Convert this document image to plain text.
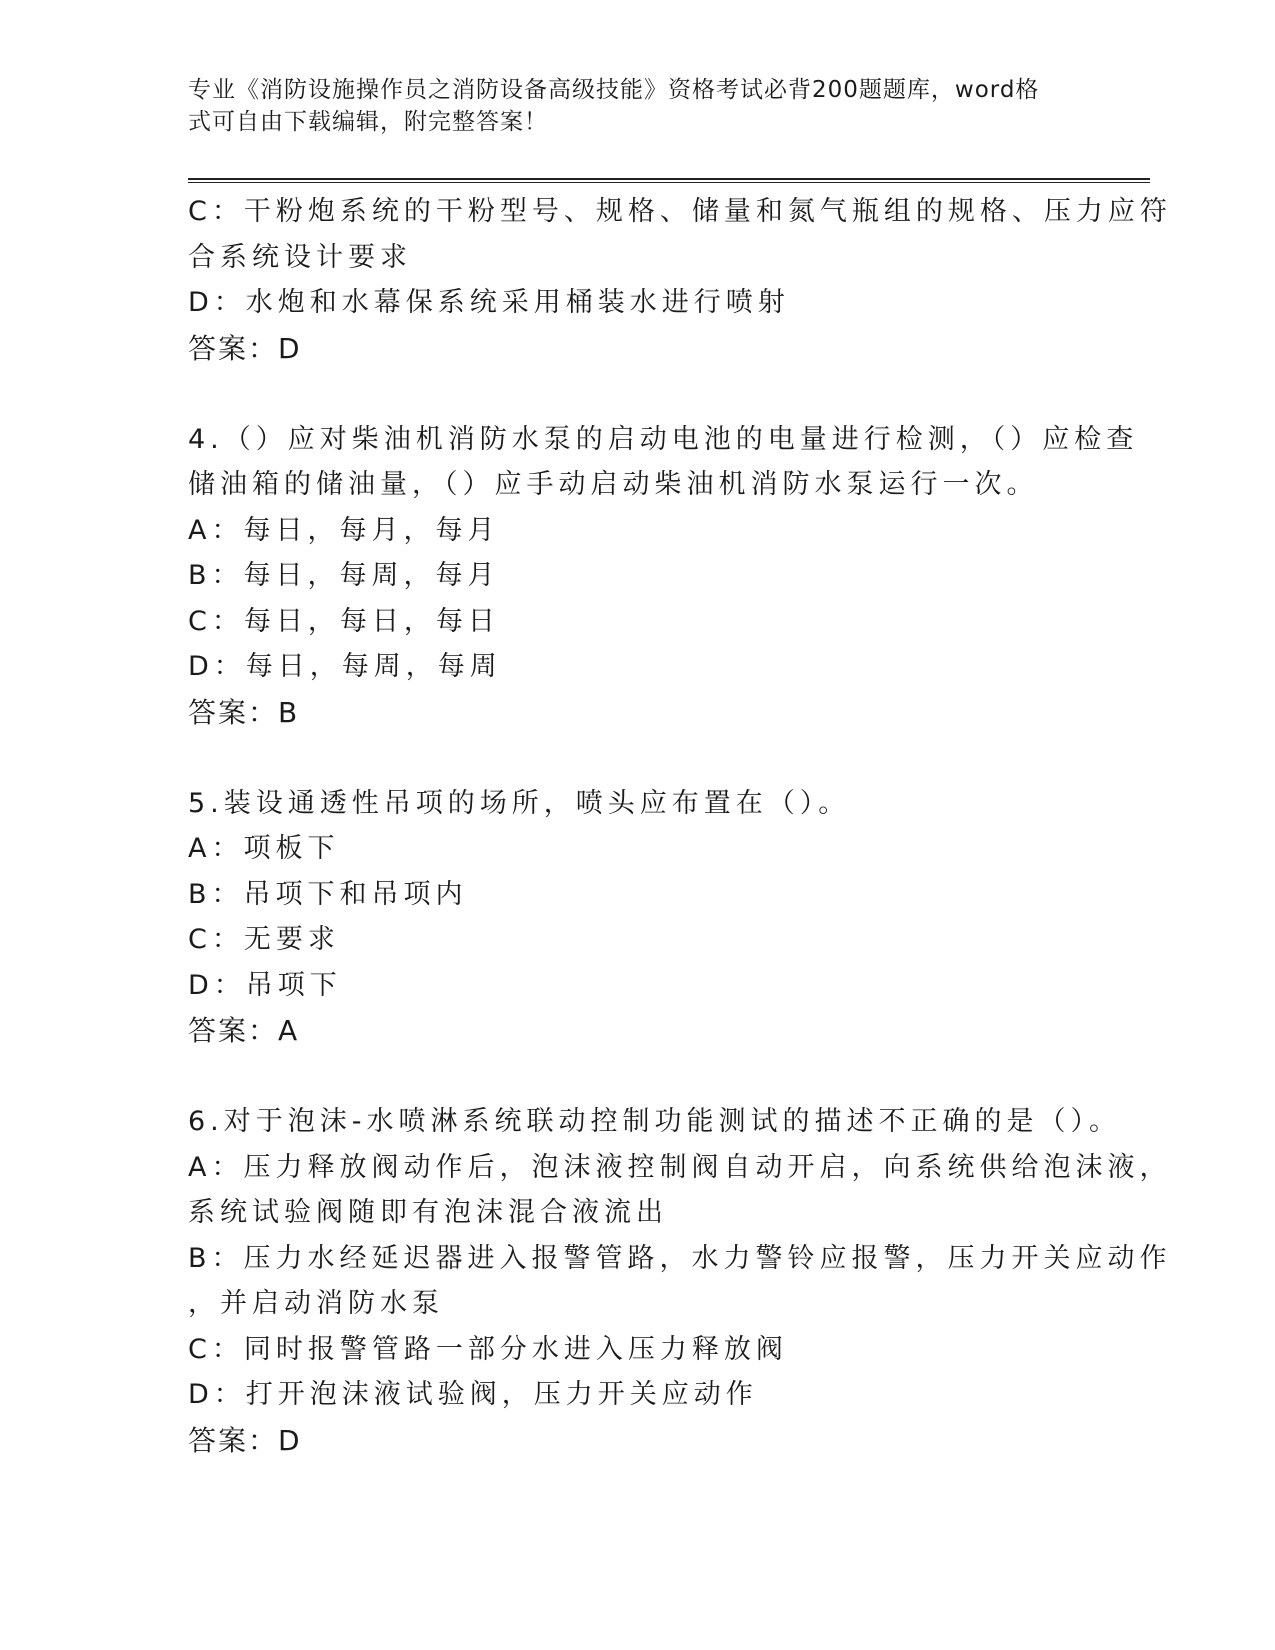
专业《消防设施操作员之消防设备高级技能》资格考试必背200题题库，word格
式可自由下载编辑，附完整答案！
C：干粉炮系统的干粉型号、规格、储量和氮气瓶组的规格、压力应符
合系统设计要求
D：水炮和水幕保系统采用桶装水进行喷射
答案：D
4.（）应对柴油机消防水泵的启动电池的电量进行检测，（）应检查
储油箱的储油量，（）应手动启动柴油机消防水泵运行一次。
A：每日，每月，每月
B：每日，每周，每月
C：每日，每日，每日
D：每日，每周，每周
答案：B
5.装设通透性吊项的场所，喷头应布置在（）。
A：项板下
B：吊项下和吊项内
C：无要求
D：吊项下
答案：A
6.对于泡沫-水喷淋系统联动控制功能测试的描述不正确的是（）。
A：压力释放阀动作后，泡沫液控制阀自动开启，向系统供给泡沫液，
系统试验阀随即有泡沫混合液流出
B：压力水经延迟器进入报警管路，水力警铃应报警，压力开关应动作
，并启动消防水泵
C：同时报警管路一部分水进入压力释放阀
D：打开泡沫液试验阀，压力开关应动作
答案：D
